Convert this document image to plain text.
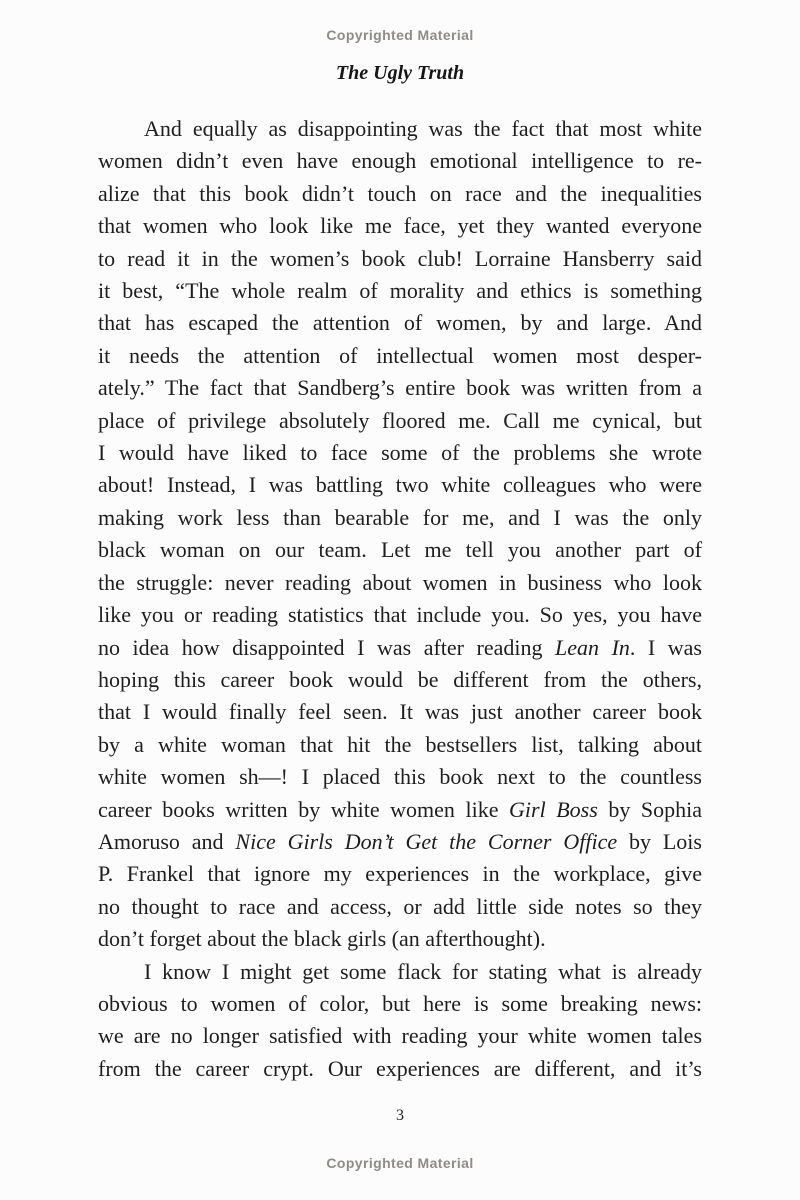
Copyrighted Material
The Ugly Truth
And equally as disappointing was the fact that most white
women didn’t even have enough emotional intelligence to re-
alize that this book didn’t touch on race and the inequalities
that women who look like me face, yet they wanted everyone
to read it in the women’s book club! Lorraine Hansberry said
it best, “The whole realm of morality and ethics is something
that has escaped the attention of women, by and large. And
it needs the attention of intellectual women most desper-
ately.” The fact that Sandberg’s entire book was written from a
place of privilege absolutely floored me. Call me cynical, but
I would have liked to face some of the problems she wrote
about! Instead, I was battling two white colleagues who were
making work less than bearable for me, and I was the only
black woman on our team. Let me tell you another part of
the struggle: never reading about women in business who look
like you or reading statistics that include you. So yes, you have
no idea how disappointed I was after reading Lean In. I was
hoping this career book would be different from the others,
that I would finally feel seen. It was just another career book
by a white woman that hit the bestsellers list, talking about
white women sh—! I placed this book next to the countless
career books written by white women like Girl Boss by Sophia
Amoruso and Nice Girls Don’t Get the Corner Office by Lois
P. Frankel that ignore my experiences in the workplace, give
no thought to race and access, or add little side notes so they
don’t forget about the black girls (an afterthought).
I know I might get some flack for stating what is already
obvious to women of color, but here is some breaking news:
we are no longer satisfied with reading your white women tales
from the career crypt. Our experiences are different, and it’s
3
Copyrighted Material
